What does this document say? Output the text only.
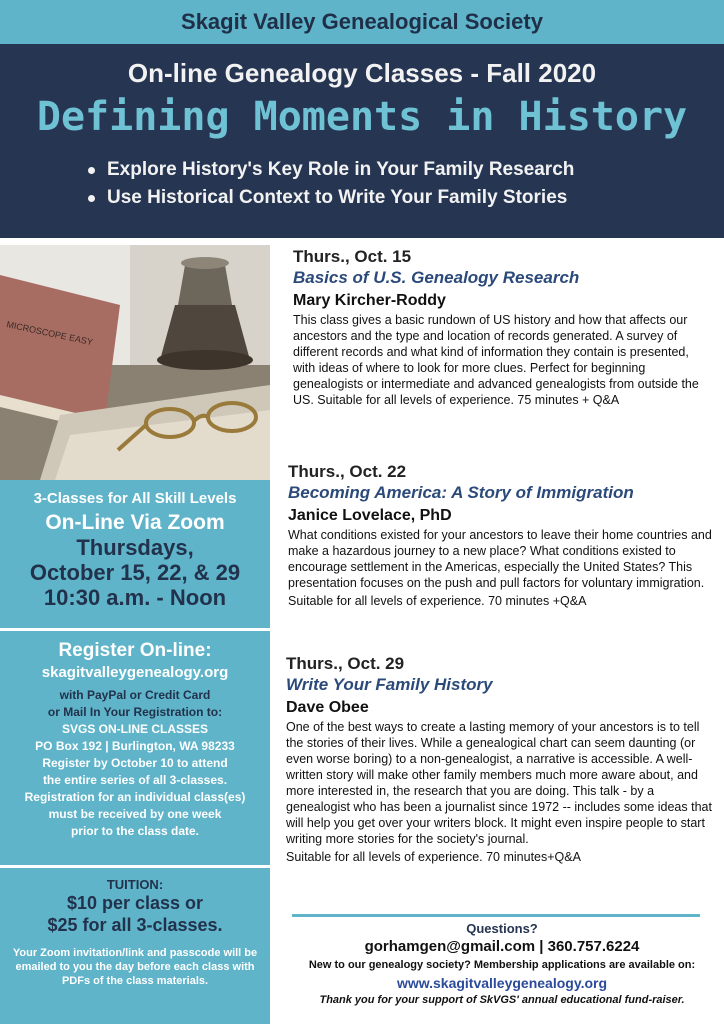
Skagit Valley Genealogical Society
On-line Genealogy Classes - Fall 2020
Defining Moments in History
Explore History's Key Role in Your Family Research
Use Historical Context to Write Your Family Stories
MICROSCOPE EASY
3-Classes for All Skill Levels
On-Line Via Zoom
Thursdays,
October 15, 22, & 29
10:30 a.m. - Noon
Register On-line:
skagitvalleygenealogy.org
with PayPal or Credit Card
or Mail In Your Registration to:
SVGS ON-LINE CLASSES
PO Box 192 | Burlington, WA 98233
Register by October 10 to attend
the entire series of all 3-classes.
Registration for an individual class(es)
must be received by one week
prior to the class date.
TUITION:
$10 per class or
$25 for all 3-classes.
Your Zoom invitation/link and passcode will be emailed to you the day before each class with PDFs of the class materials.
Thurs., Oct. 15
Basics of U.S. Genealogy Research
Mary Kircher-Roddy
This class gives a basic rundown of US history and how that affects our ancestors and the type and location of records generated. A survey of different records and what kind of information they contain is presented, with ideas of where to look for more clues. Perfect for beginning genealogists or intermediate and advanced genealogists from outside the US. Suitable for all levels of experience. 75 minutes + Q&A
Thurs., Oct. 22
Becoming America: A Story of Immigration
Janice Lovelace, PhD
What conditions existed for your ancestors to leave their home countries and make a hazardous journey to a new place? What conditions existed to encourage settlement in the Americas, especially the United States? This presentation focuses on the push and pull factors for voluntary immigration.
Suitable for all levels of experience. 70 minutes +Q&A
Thurs., Oct. 29
Write Your Family History
Dave Obee
One of the best ways to create a lasting memory of your ancestors is to tell the stories of their lives. While a genealogical chart can seem daunting (or even worse boring) to a non-genealogist, a narrative is accessible. A well-written story will make other family members much more aware about, and more interested in, the research that you are doing. This talk - by a genealogist who has been a journalist since 1972 -- includes some ideas that will help you get over your writers block. It might even inspire people to start writing more stories for the society's journal.
Suitable for all levels of experience. 70 minutes+Q&A
Questions?
gorhamgen@gmail.com | 360.757.6224
New to our genealogy society? Membership applications are available on:
www.skagitvalleygenealogy.org
Thank you for your support of SkVGS' annual educational fund-raiser.
